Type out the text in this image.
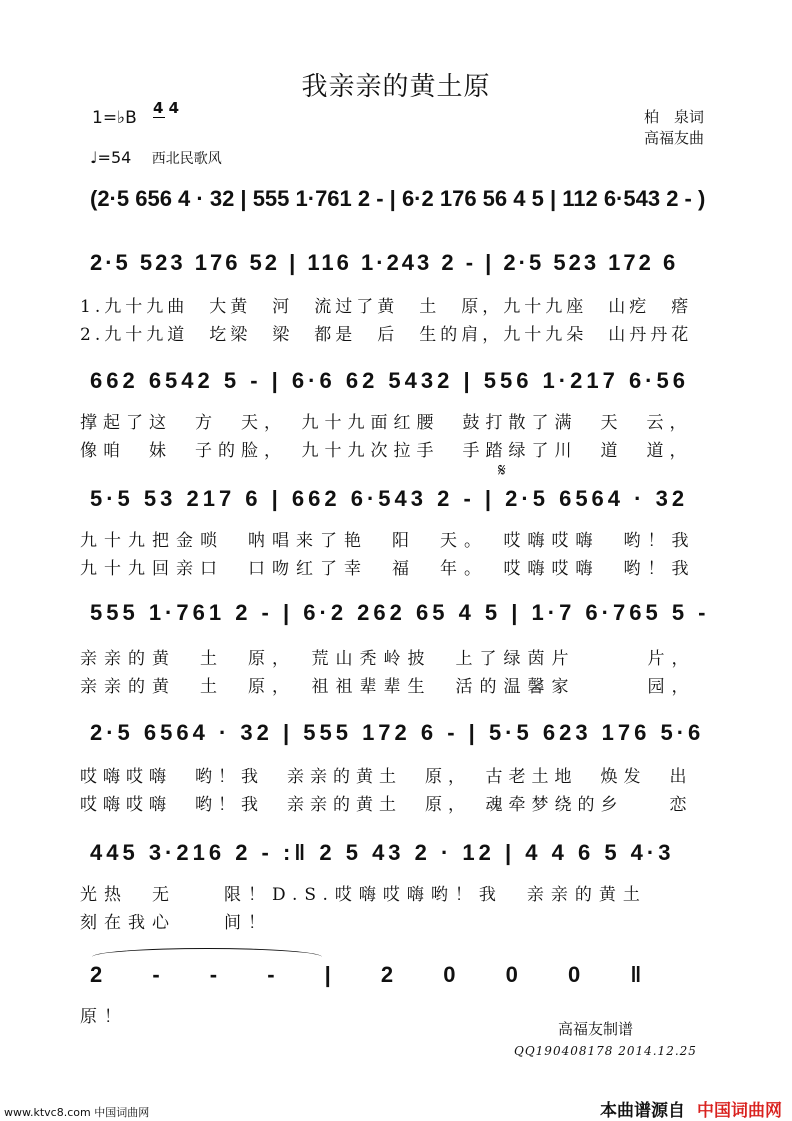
我亲亲的黄土原
1=♭B 4 4	柏　泉词
高福友曲
♩=54 西北民歌风
(2·5 656 4 · 32 | 555 1·761 2 - | 6·2 176 56 4 5 | 112 6·543 2 - )
2·5 523 176 52 | 116 1·243 2 - | 2·5 523 172 6
1.九十九曲　大黄　河　流过了黄　土　原，九十九座　山疙　瘩
2.九十九道　圪梁　梁　都是　后　生的肩，九十九朵　山丹丹花
662 6542 5 - | 6·6 62 5432 | 556 1·217 6·56
撑起了这　方　天，　九十九面红腰　鼓打散了满　天　云，
像咱　妹　子的脸，　九十九次拉手　手踏绿了川　道　道，
𝄋
5·5 53 217 6 | 662 6·543 2 - | 2·5 6564 · 32
九十九把金唢　呐唱来了艳　阳　天。　哎嗨哎嗨　哟！我
九十九回亲口　口吻红了幸　福　年。　哎嗨哎嗨　哟！我
555 1·761 2 - | 6·2 262 65 4 5 | 1·7 6·765 5 -
亲亲的黄　土　原，　荒山秃岭披　上了绿茵片　　　片，
亲亲的黄　土　原，　祖祖辈辈生　活的温馨家　　　园，
2·5 6564 · 32 | 555 172 6 - | 5·5 623 176 5·6
哎嗨哎嗨　哟！我　亲亲的黄土　原，　古老土地　焕发　出
哎嗨哎嗨　哟！我　亲亲的黄土　原，　魂牵梦绕的乡　　恋
445 3·216 2 - :‖ 2 5 43 2 · 12 | 4 4 6 5 4·3
光热　无　　限！D.S.哎嗨哎嗨哟！我　亲亲的黄土
刻在我心　　间！
2 - - - | 2 0 0 0 ‖
原！
高福友制谱
QQ190408178 2014.12.25
www.ktvc8.com 中国词曲网	本曲谱源自 中国词曲网
